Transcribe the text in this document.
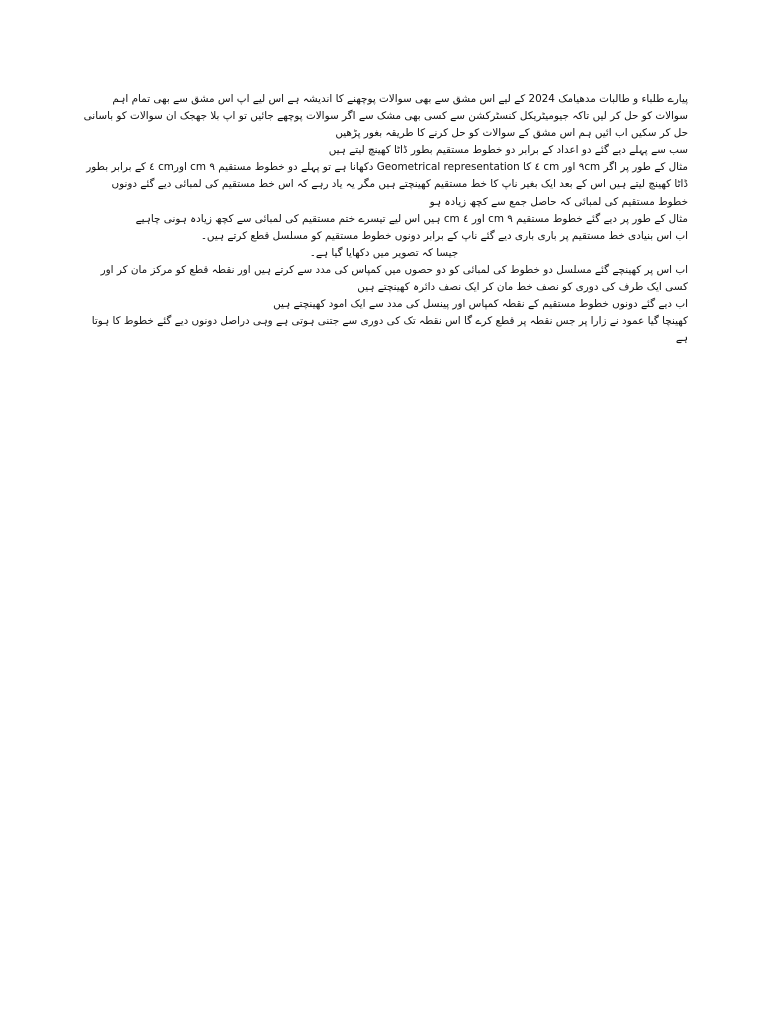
پیارے طلباء و طالبات مدھیامک 2024 کے لیے اس مشق سے بھی سوالات پوچھنے کا اندیشہ ہے اس لیے اپ اس مشق سے بھی تمام اہم سوالات کو حل کر لیں تاکہ جیومیٹریکل کنسٹرکشن سے کسی بھی مشک سے اگر سوالات پوچھے جائیں تو اپ بلا جھجک ان سوالات کو باسانی حل کر سکیں اب ائیں ہم اس مشق کے سوالات کو حل کرنے کا طریقہ بغور پڑھیں

سب سے پہلے دیے گئے دو اعداد کے برابر دو خطوط مستقیم بطور ڈاٹا کھینچ لیتے ہیں

مثال کے طور پر اگر ۹cm اور cm ٤ کا Geometrical representation دکھانا ہے تو پہلے دو خطوط مستقیم ۹ cm اورcm ٤ کے برابر بطور ڈاٹا کھینچ لیتے ہیں اس کے بعد ایک بغیر ناپ کا خط مستقیم کھینچتے ہیں مگر یہ یاد رہے کہ اس خط مستقیم کی لمبائی دیے گئے دونوں خطوط مستقیم کی لمبائی کہ حاصل جمع سے کچھ زیادہ ہو

مثال کے طور پر دیے گئے خطوط مستقیم ۹ cm اور ٤ cm ہیں اس لیے تیسرے ختم مستقیم کی لمبائی سے کچھ زیادہ ہونی چاہیے

اب اس بنیادی خط مستقیم پر باری باری دیے گئے ناپ کے برابر دونوں خطوط مستقیم کو مسلسل قطع کرتے ہیں۔

جیسا کہ تصویر میں دکھایا گیا ہے۔

اب اس پر کھینچے گئے مسلسل دو خطوط کی لمبائی کو دو حصوں میں کمپاس کی مدد سے کرتے ہیں اور نقطہ قطع کو مرکز مان کر اور کسی ایک طرف کی دوری کو نصف خط مان کر ایک نصف دائرہ کھینچتے ہیں

اب دیے گئے دونوں خطوط مستقیم کے نقطہ کمپاس اور پینسل کی مدد سے ایک امود کھینچتے ہیں

کھینچا گیا عمود نے زارا پر جس نقطہ پر قطع کرے گا اس نقطہ تک کی دوری سے جتنی ہوتی ہے وہی دراصل دونوں دیے گئے خطوط کا ہوتا ہے
